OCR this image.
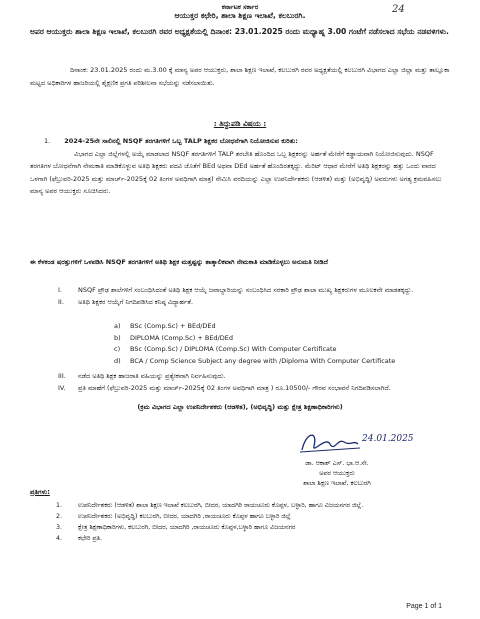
ಕರ್ನಾಟಕ ಸರ್ಕಾರ
ಆಯುಕ್ತರ ಕಛೇರಿ, ಶಾಲಾ ಶಿಕ್ಷಣ ಇಲಾಖೆ, ಕಲಬುರಗಿ.
24
ಅಪರ ಆಯುಕ್ತರು ಶಾಲಾ ಶಿಕ್ಷಣ ಇಲಾಖೆ, ಕಲಬುರಗಿ ರವರ ಅಧ್ಯಕ್ಷತೆಯಲ್ಲಿ ದಿನಾಂಕ: 23.01.2025 ರಂದು ಮಧ್ಯಾಹ್ನ 3.00 ಗಂಟೆಗೆ ನಡೆಸಲಾದ ಸಭೆಯ ನಡವಳಿಗಳು.
ದಿನಾಂಕ: 23.01.2025 ರಂದು ಮ.3.00 ಕ್ಕೆ ಮಾನ್ಯ ಅಪರ ಆಯುಕ್ತರು, ಶಾಲಾ ಶಿಕ್ಷಣ ಇಲಾಖೆ, ಕಲಬುರಗಿ ರವರ ಅಧ್ಯಕ್ಷತೆಯಲ್ಲಿ ಕಲಬುರಗಿ ವಿಭಾಗದ ಎಲ್ಲಾ ಜಿಲ್ಲಾ ಮತ್ತು ತಾಲ್ಲೂಕಾ ಮಟ್ಟದ ಅಧಿಕಾರಿಗಳ ಹಾಜರಿಯಲ್ಲಿ ಶೈಕ್ಷಣಿಕ ಪ್ರಗತಿ ಪರಿಶೀಲನಾ ಸಭೆಯನ್ನು ನಡೆಸಲಾಯಿತು.
: ತಿದ್ದುಪಡಿ ವಿಷಯ :
1. 2024-25ನೇ ಸಾಲಿನಲ್ಲಿ NSQF ತರಗತಿಗಳಿಗೆ ಒಬ್ಬ TALP ಶಿಕ್ಷಕರ ಬೋಧನೆಗಾಗಿ ನಿಯೋಜಿಸುವ ಕುರಿತು:
ವಿಭಾಗದ ಎಲ್ಲಾ ಜಿಲ್ಲೆಗಳಲ್ಲಿ ಅಯ್ಕೆ ಮಾಡಲಾದ NSQF ತರಗತಿಗಳಿಗೆ TALP ತರಬೇತಿ ಹೊಂದಿದ ಒಬ್ಬ ಶಿಕ್ಷಕರನ್ನು ಅರ್ಹತೆ ಮೇರೆಗೆ ಕಡ್ಡಾಯವಾಗಿ ನಿಯೋಜಿಸುವುದು. NSQF ತರಗತಿಗಳ ಬೋಧನೆಗಾಗಿ ನೇಮಕಾತಿ ಮಾಡಿಕೊಳ್ಳುವ ಅತಿಥಿ ಶಿಕ್ಷಕರು ಪದವಿ ಜೊತೆಗೆ BEd ಅಥವಾ DEd ಅರ್ಹತೆ ಹೊಂದಿರತಕ್ಕದ್ದು. ಮೆರಿಟ್ ಆಧಾರ ಮೇರೆಗೆ ಅತಿಥಿ ಶಿಕ್ಷಕರನ್ನು ಹತ್ತು ಒಂದು ವಾರದ ಒಳಗಾಗಿ (ಫೆಬ್ರುವರಿ-2025 ಮತ್ತು ಮಾರ್ಚ್-2025ಕ್ಕೆ 02 ತಿಂಗಳ ಅವಧಿಗಾಗಿ ಮಾತ್ರ) ನೇಮಿಸಿ ವರದಿಯನ್ನು ಎಲ್ಲಾ ಉಪನಿರ್ದೇಶಕರು (ಆಡಳಿತ) ಮತ್ತು (ಅಭಿವೃದ್ಧಿ) ಅವರುಗಳು ಅಗತ್ಯ ಕ್ರಮವಹಿಸಲು ಮಾನ್ಯ ಅಪರ ಆಯುಕ್ತರು ಸೂಚಿಸಿದರು.
ಈ ಕೆಳಕಂಡ ಷರತ್ತುಗಳಿಗೆ ಒಳಪಡಿಸಿ NSQF ತರಗತಿಗಳಿಗೆ ಅತಿಥಿ ಶಿಕ್ಷಕ ಮತ್ತಷ್ಟನ್ನು ತಾತ್ಕಾಲಿಕವಾಗಿ ನೇಮಕಾತಿ ಮಾಡಿಕೊಳ್ಳಲು ಅನುಮತಿ ನೀಡಿದೆ
I. NSQF ಪ್ರೌಢ ಶಾಲೆಗಳಿಗೆ ಸಂಬಂಧಿಸಿದಂತೆ ಅತಿಥಿ ಶಿಕ್ಷಕ ಆಯ್ಕೆ ಜವಾಬ್ದಾರಿಯನ್ನು ಸಂಬಂಧಿಸಿದ ಸರಕಾರಿ ಪ್ರೌಢ ಶಾಲಾ ಮುಖ್ಯ ಶಿಕ್ಷಕರುಗಳ ಮೂಲಕವೇ ಮಾಡತಕ್ಕದ್ದು.
II. ಅತಿಥಿ ಶಿಕ್ಷಕರ ಆಯ್ಕೆಗೆ ನಿಗದಿಪಡಿಸಿದ ಕನಿಷ್ಠ ವಿದ್ಯಾರ್ಹತೆ.
a) BSc (Comp.Sc) + BEd/DEd
b) DIPLOMA (Comp.Sc) + BEd/DEd
c) BSc (Comp.Sc) / DIPLOMA (Comp.Sc) With Computer Certificate
d) BCA / Comp Science Subject any degree with /Diploma With Computer Certificate
III. ನಡೆದ ಅತಿಥಿ ಶಿಕ್ಷಕ ಹಾಜರಾತಿ ವಹಿಯನ್ನು ಪ್ರತ್ಯೇಕವಾಗಿ ನಿರ್ವಹಿಸುವುದು.
IV. ಪ್ರತಿ ಮಾಹೆಗೆ (ಫೆಬ್ರುವರಿ-2025 ಮತ್ತು ಮಾರ್ಚ್-2025ಕ್ಕೆ 02 ತಿಂಗಳ ಅವಧಿಗಾಗಿ ಮಾತ್ರ ) ರೂ.10500/- ಗೌರವ ಸಂಭಾವನೆ ನಿಗದಿಪಡಿಸಲಾಗಿದೆ.
(ಕ್ರಮ ವಿಭಾಗದ ಎಲ್ಲಾ ಉಪನಿರ್ದೇಶಕರು (ಆಡಳಿತ), (ಅಭಿವೃದ್ಧಿ) ಮತ್ತು ಕ್ಷೇತ್ರ ಶಿಕ್ಷಣಾಧಿಕಾರಿಗಳು)
24.01.2025
ಡಾ. ಆಕಾಶ್ ಎಸ್. ಭಾ.ಆ.ಸೇ.
ಅಪರ ಆಯುಕ್ತರು
ಶಾಲಾ ಶಿಕ್ಷಣ ಇಲಾಖೆ, ಕಲಬುರಗಿ
ಪ್ರತಿಗಳು:
1.	ಉಪನಿರ್ದೇಶಕರು (ಆಡಳಿತ) ಶಾಲಾ ಶಿಕ್ಷಣ ಇಲಾಖೆ ಕಲಬುರಗಿ, ಬೀದರ, ಯಾದಗಿರಿ ರಾಯಚೂರು ಕೊಪ್ಪಳ, ಬಳ್ಳಾರಿ, ಹಾಗೂ ವಿಜಯನಗರ ಜಿಲ್ಲೆ.
2.	ಉಪನಿರ್ದೇಶಕರು (ಅಭಿವೃದ್ಧಿ) ಕಲಬುರಗಿ, ಬೀದರ, ಯಾದಗಿರಿ ,ರಾಯಚೂರು ಕೊಪ್ಪಳ ಹಾಗೂ ಬಳ್ಳಾರಿ ಜಿಲ್ಲೆ
3.	ಕ್ಷೇತ್ರ ಶಿಕ್ಷಣಾಧಿಕಾರಿಗಳು, ಕಲಬುರಗಿ, ಬೀದರ, ಯಾದಗಿರಿ ,ರಾಯಚೂರು ಕೊಪ್ಪಳ,ಬಳ್ಳಾರಿ ಹಾಗೂ ವಿಜಯನಗರ
4.	ಕಛೇರಿ ಪ್ರತಿ.
Page 1 of 1
